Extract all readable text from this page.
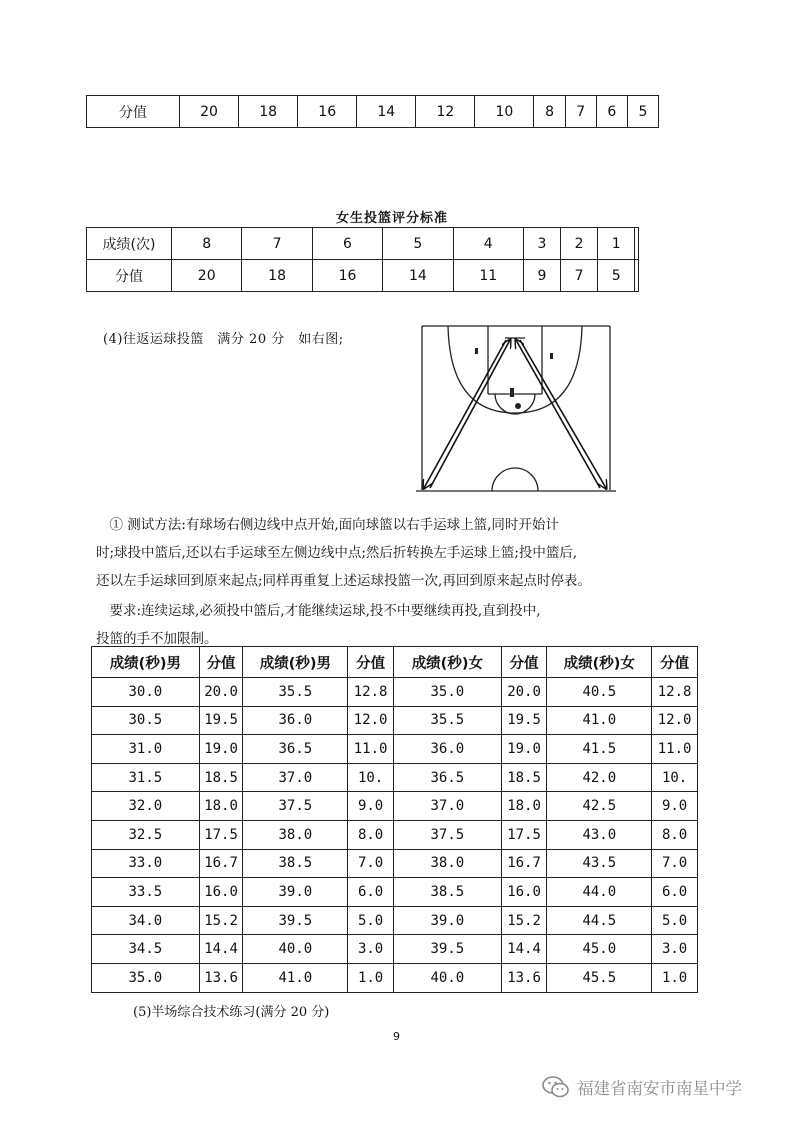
分值	20	18	16	14	12	10	8	7	6	5
女生投篮评分标准
成绩(次)	8	7	6	5	4	3	2	1	
分值	20	18	16	14	11	9	7	5	
(4)往返运球投篮　满分 20 分　如右图;
　① 测试方法:有球场右侧边线中点开始,面向球篮以右手运球上篮,同时开始计
时;球投中篮后,还以右手运球至左侧边线中点;然后折转换左手运球上篮;投中篮后,
还以左手运球回到原来起点;同样再重复上述运球投篮一次,再回到原来起点时停表。
　要求:连续运球,必须投中篮后,才能继续运球,投不中要继续再投,直到投中,
投篮的手不加限制。
成绩(秒)男	分值	成绩(秒)男	分值	成绩(秒)女	分值	成绩(秒)女	分值
30.0	20.0	35.5	12.8	35.0	20.0	40.5	12.8
30.5	19.5	36.0	12.0	35.5	19.5	41.0	12.0
31.0	19.0	36.5	11.0	36.0	19.0	41.5	11.0
31.5	18.5	37.0	10.	36.5	18.5	42.0	10.
32.0	18.0	37.5	9.0	37.0	18.0	42.5	9.0
32.5	17.5	38.0	8.0	37.5	17.5	43.0	8.0
33.0	16.7	38.5	7.0	38.0	16.7	43.5	7.0
33.5	16.0	39.0	6.0	38.5	16.0	44.0	6.0
34.0	15.2	39.5	5.0	39.0	15.2	44.5	5.0
34.5	14.4	40.0	3.0	39.5	14.4	45.0	3.0
35.0	13.6	41.0	1.0	40.0	13.6	45.5	1.0
(5)半场综合技术练习(满分 20 分)
9
福建省南安市南星中学
